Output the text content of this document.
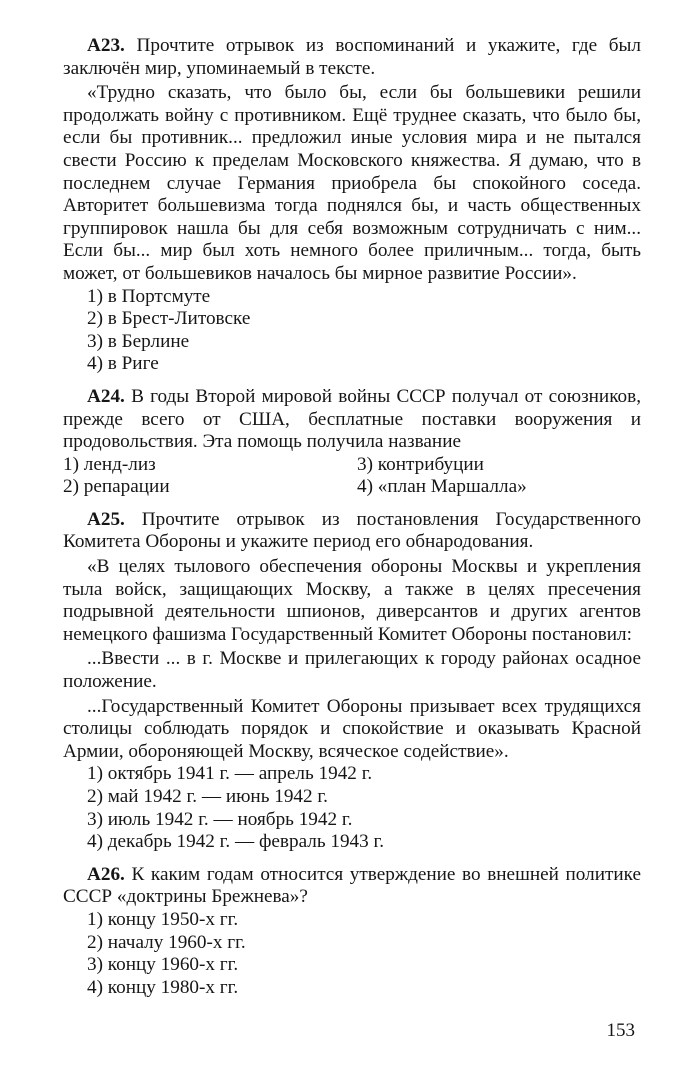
А23. Прочтите отрывок из воспоминаний и укажите, где был заключён мир, упоминаемый в тексте.

«Трудно сказать, что было бы, если бы большевики решили продолжать войну с противником. Ещё труднее сказать, что было бы, если бы противник... предложил иные условия мира и не пытался свести Россию к пределам Московского княжества. Я думаю, что в последнем случае Германия приобрела бы спокойного соседа. Авторитет большевизма тогда поднялся бы, и часть общественных группировок нашла бы для себя возможным сотрудничать с ним... Если бы... мир был хоть немного более приличным... тогда, быть может, от большевиков началось бы мирное развитие России».

1) в Портсмуте
2) в Брест-Литовске
3) в Берлине
4) в Риге

А24. В годы Второй мировой войны СССР получал от союзников, прежде всего от США, бесплатные поставки вооружения и продовольствия. Эта помощь получила название

1) ленд-лиз	3) контрибуции
2) репарации	4) «план Маршалла»

А25. Прочтите отрывок из постановления Государственного Комитета Обороны и укажите период его обнародования.

«В целях тылового обеспечения обороны Москвы и укрепления тыла войск, защищающих Москву, а также в целях пресечения подрывной деятельности шпионов, диверсантов и других агентов немецкого фашизма Государственный Комитет Обороны постановил:

...Ввести ... в г. Москве и прилегающих к городу районах осадное положение.

...Государственный Комитет Обороны призывает всех трудящихся столицы соблюдать порядок и спокойствие и оказывать Красной Армии, обороняющей Москву, всяческое содействие».

1) октябрь 1941 г. — апрель 1942 г.
2) май 1942 г. — июнь 1942 г.
3) июль 1942 г. — ноябрь 1942 г.
4) декабрь 1942 г. — февраль 1943 г.

А26. К каким годам относится утверждение во внешней политике СССР «доктрины Брежнева»?

1) концу 1950-х гг.
2) началу 1960-х гг.
3) концу 1960-х гг.
4) концу 1980-х гг.
153
